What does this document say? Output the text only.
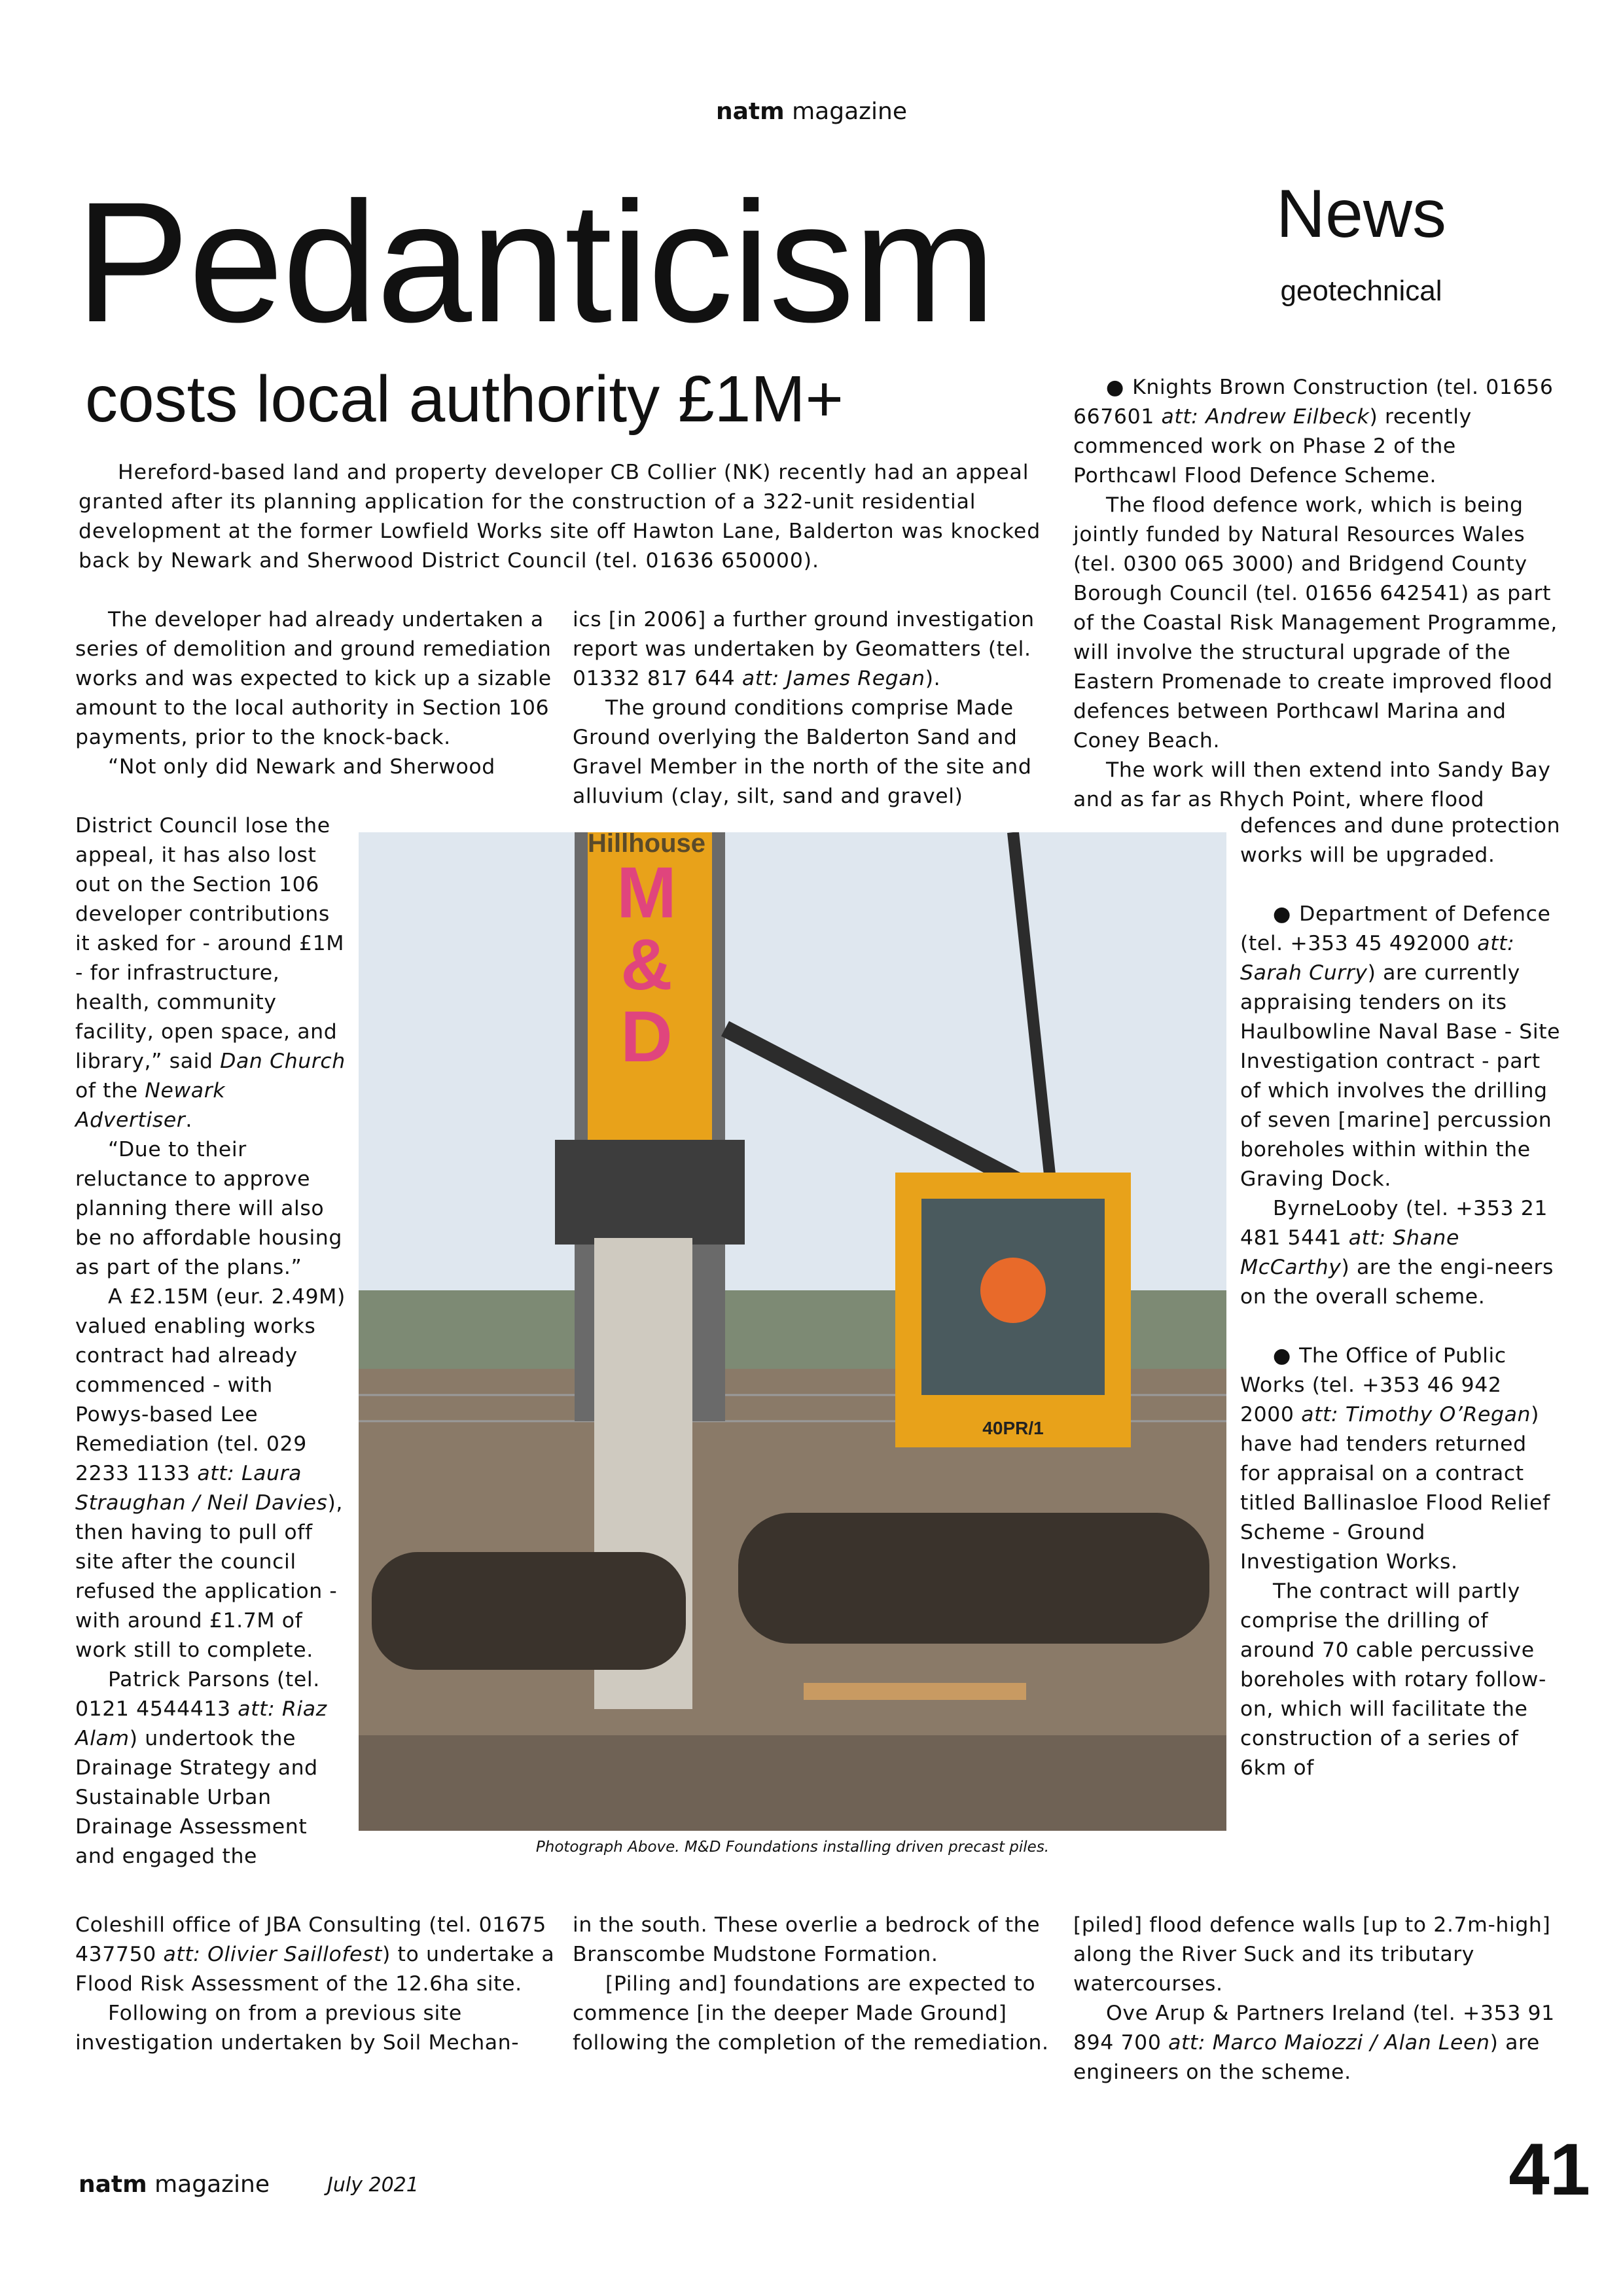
natm magazine
Pedanticism
costs local authority £1M+
News
geotechnical

Hereford-based land and property developer CB Collier (NK) recently had an appeal granted after its planning application for the construction of a 322-unit residential development at the former Lowfield Works site off Hawton Lane, Balderton was knocked back by Newark and Sherwood District Council (tel. 01636 650000).

The developer had already undertaken a series of demolition and ground remediation works and was expected to kick up a sizable amount to the local authority in Section 106 payments, prior to the knock-back.

“Not only did Newark and Sherwood

District Council lose the appeal, it has also lost out on the Section 106 developer contributions it asked for - around £1M - for infrastructure, health, community facility, open space, and library,” said Dan Church of the Newark Advertiser.

“Due to their reluctance to approve planning there will also be no affordable housing as part of the plans.”

A £2.15M (eur. 2.49M) valued enabling works contract had already commenced - with Powys-based Lee Remediation (tel. 029 2233 1133 att: Laura Straughan / Neil Davies), then having to pull off site after the council refused the application - with around £1.7M of work still to complete.

Patrick Parsons (tel. 0121 4544413 att: Riaz Alam) undertook the Drainage Strategy and Sustainable Urban Drainage Assessment and engaged the

Coleshill office of JBA Consulting (tel. 01675 437750 att: Olivier Saillofest) to undertake a Flood Risk Assessment of the 12.6ha site.

Following on from a previous site investigation undertaken by Soil Mechan-

ics [in 2006] a further ground investigation report was undertaken by Geomatters (tel. 01332 817 644 att: James Regan).

The ground conditions comprise Made Ground overlying the Balderton Sand and Gravel Member in the north of the site and alluvium (clay, silt, sand and gravel)

in the south. These overlie a bedrock of the Branscombe Mudstone Formation.

[Piling and] foundations are expected to commence [in the deeper Made Ground] following the completion of the remediation.

● Knights Brown Construction (tel. 01656 667601 att: Andrew Eilbeck) recently commenced work on Phase 2 of the Porthcawl Flood Defence Scheme.

The flood defence work, which is being jointly funded by Natural Resources Wales (tel. 0300 065 3000) and Bridgend County Borough Council (tel. 01656 642541) as part of the Coastal Risk Management Programme, will involve the structural upgrade of the Eastern Promenade to create improved flood defences between Porthcawl Marina and Coney Beach.

The work will then extend into Sandy Bay and as far as Rhych Point, where flood

defences and dune protection works will be upgraded.

● Department of Defence (tel. +353 45 492000 att: Sarah Curry) are currently appraising tenders on its Haulbowline Naval Base - Site Investigation contract - part of which involves the drilling of seven [marine] percussion boreholes within within the Graving Dock.

ByrneLooby (tel. +353 21 481 5441 att: Shane McCarthy) are the engi-neers on the overall scheme.

● The Office of Public Works (tel. +353 46 942 2000 att: Timothy O’Regan) have had tenders returned for appraisal on a contract titled Ballinasloe Flood Relief Scheme - Ground Investigation Works.

The contract will partly comprise the drilling of around 70 cable percussive boreholes with rotary follow-on, which will facilitate the construction of a series of 6km of

[piled] flood defence walls [up to 2.7m-high] along the River Suck and its tributary watercourses.

Ove Arup & Partners Ireland (tel. +353 91 894 700 att: Marco Maiozzi / Alan Leen) are engineers on the scheme.

Hillhouse
M
&
D
40PR/1
Photograph Above. M&D Foundations installing driven precast piles.
natm magazine	July 2021	41
